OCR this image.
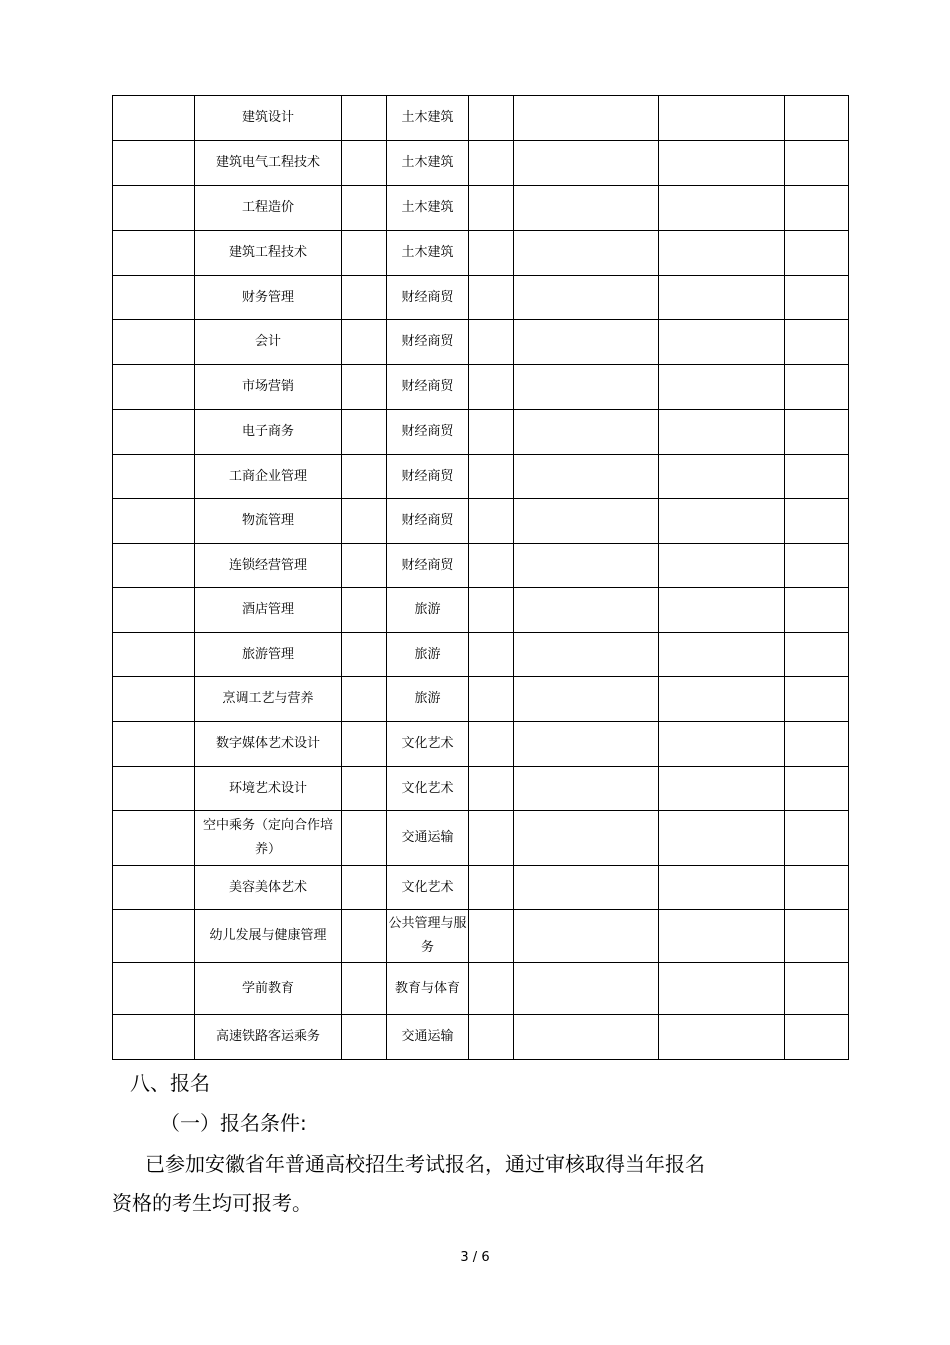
	建筑设计		土木建筑				
	建筑电气工程技术		土木建筑				
	工程造价		土木建筑				
	建筑工程技术		土木建筑				
	财务管理		财经商贸				
	会计		财经商贸				
	市场营销		财经商贸				
	电子商务		财经商贸				
	工商企业管理		财经商贸				
	物流管理		财经商贸				
	连锁经营管理		财经商贸				
	酒店管理		旅游				
	旅游管理		旅游				
	烹调工艺与营养		旅游				
	数字媒体艺术设计		文化艺术				
	环境艺术设计		文化艺术				
	空中乘务（定向合作培养）		交通运输				
	美容美体艺术		文化艺术				
	幼儿发展与健康管理		公共管理与服务				
	学前教育		教育与体育				
	高速铁路客运乘务		交通运输				
八、报名
（一）报名条件:
已参加安徽省年普通高校招生考试报名，通过审核取得当年报名
资格的考生均可报考。
3 / 6
